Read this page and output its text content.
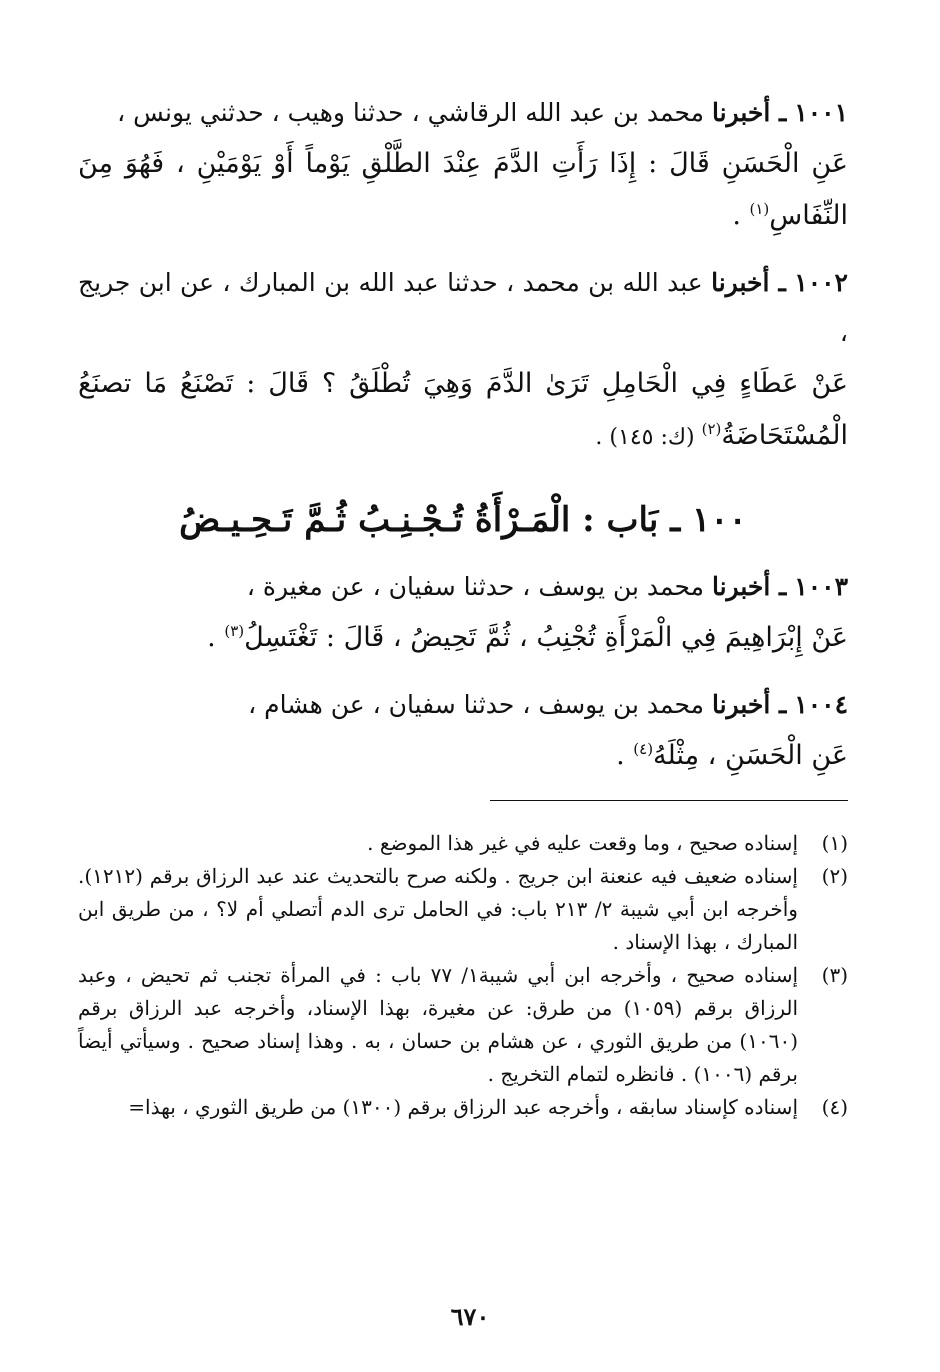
١٠٠١ ـ أخبرنا محمد بن عبد الله الرقاشي ، حدثنا وهيب ، حدثني يونس ،
عَنِ الْحَسَنِ قَالَ : إِذَا رَأَتِ الدَّمَ عِنْدَ الطَّلْقِ يَوْماً أَوْ يَوْمَيْنِ ، فَهُوَ مِنَ النِّفَاسِ$^{(١)}$ .
١٠٠٢ ـ أخبرنا عبد الله بن محمد ، حدثنا عبد الله بن المبارك ، عن ابن جريج ،
عَنْ عَطَاءٍ فِي الْحَامِلِ تَرَىٰ الدَّمَ وَهِيَ تُطْلَقُ ؟ قَالَ : تَصْنَعُ مَا تصنَعُ الْمُسْتَحَاضَةُ$^{(٢)}$ (ك: ١٤٥) .
١٠٠ ـ بَاب : الْمَـرْأَةُ تُـجْـنِـبُ ثُـمَّ تَـحِـيـضُ
١٠٠٣ ـ أخبرنا محمد بن يوسف ، حدثنا سفيان ، عن مغيرة ،
عَنْ إِبْرَاهِيمَ فِي الْمَرْأَةِ تُجْنِبُ ، ثُمَّ تَحِيضُ ، قَالَ : تَغْتَسِلُ$^{(٣)}$ .
١٠٠٤ ـ أخبرنا محمد بن يوسف ، حدثنا سفيان ، عن هشام ،
عَنِ الْحَسَنِ ، مِثْلَهُ$^{(٤)}$ .
(١)
إسناده صحيح ، وما وقعت عليه في غير هذا الموضع .
(٢)
إسناده ضعيف فيه عنعنة ابن جريج . ولكنه صرح بالتحديث عند عبد الرزاق برقم (١٢١٢). وأخرجه ابن أبي شيبة ٢/ ٢١٣ باب: في الحامل ترى الدم أتصلي أم لا؟ ، من طريق ابن المبارك ، بهذا الإسناد .
(٣)
إسناده صحيح ، وأخرجه ابن أبي شيبة١/ ٧٧ باب : في المرأة تجنب ثم تحيض ، وعبد الرزاق برقم (١٠٥٩) من طرق: عن مغيرة، بهذا الإسناد، وأخرجه عبد الرزاق برقم (١٠٦٠) من طريق الثوري ، عن هشام بن حسان ، به . وهذا إسناد صحيح . وسيأتي أيضاً برقم (١٠٠٦) . فانظره لتمام التخريج .
(٤)
إسناده كإسناد سابقه ، وأخرجه عبد الرزاق برقم (١٣٠٠) من طريق الثوري ، بهذا=
٦٧٠
